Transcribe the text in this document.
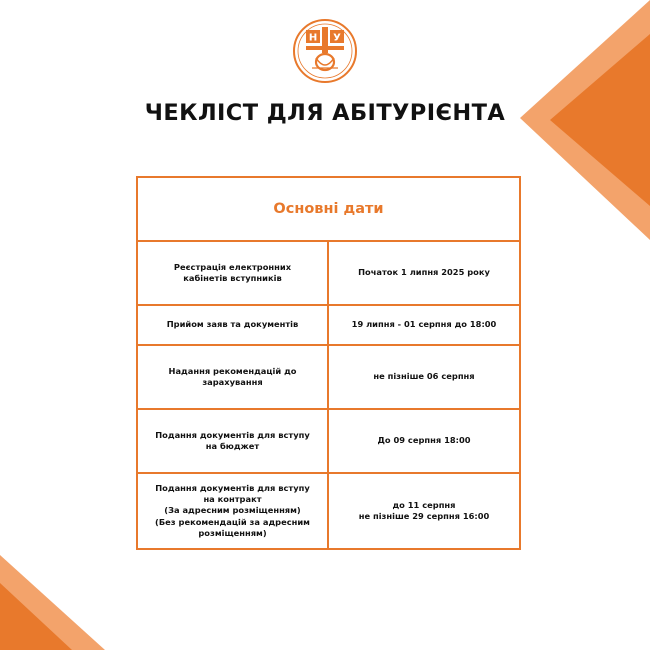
Н У
ЧЕКЛІСТ ДЛЯ АБІТУРІЄНТА
Основні дати
Реєстрація електронних кабінетів вступників
Початок 1 липня 2025 року
Прийом заяв та документів	19 липня - 01 серпня до 18:00
Надання рекомендацій до зарахування
не пізніше 06 серпня
Подання документів для вступу на бюджет
До 09 серпня 18:00
Подання документів для вступу на контракт
(За адресним розміщенням)
(Без рекомендацій за адресним розміщенням)
до 11 серпня
не пізніше 29 серпня 16:00
